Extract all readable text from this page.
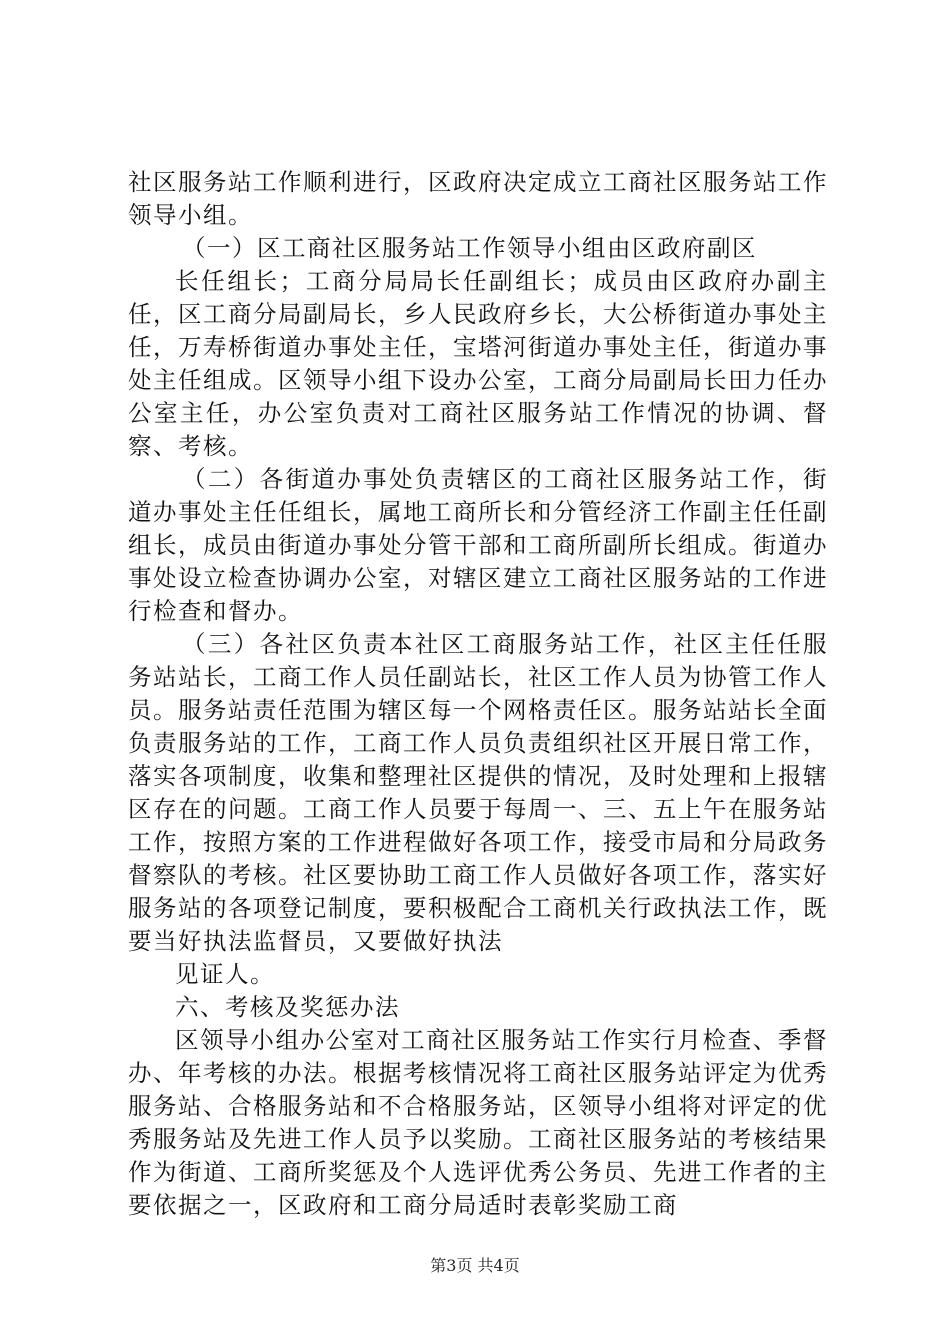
社区服务站工作顺利进行，区政府决定成立工商社区服务站工作领导小组。

（一）区工商社区服务站工作领导小组由区政府副区

长任组长；工商分局局长任副组长；成员由区政府办副主任，区工商分局副局长，乡人民政府乡长，大公桥街道办事处主任，万寿桥街道办事处主任，宝塔河街道办事处主任，街道办事处主任组成。区领导小组下设办公室，工商分局副局长田力任办公室主任，办公室负责对工商社区服务站工作情况的协调、督察、考核。

（二）各街道办事处负责辖区的工商社区服务站工作，街道办事处主任任组长，属地工商所长和分管经济工作副主任任副组长，成员由街道办事处分管干部和工商所副所长组成。街道办事处设立检查协调办公室，对辖区建立工商社区服务站的工作进行检查和督办。

（三）各社区负责本社区工商服务站工作，社区主任任服务站站长，工商工作人员任副站长，社区工作人员为协管工作人员。服务站责任范围为辖区每一个网格责任区。服务站站长全面负责服务站的工作，工商工作人员负责组织社区开展日常工作，落实各项制度，收集和整理社区提供的情况，及时处理和上报辖区存在的问题。工商工作人员要于每周一、三、五上午在服务站工作，按照方案的工作进程做好各项工作，接受市局和分局政务督察队的考核。社区要协助工商工作人员做好各项工作，落实好服务站的各项登记制度，要积极配合工商机关行政执法工作，既要当好执法监督员，又要做好执法

见证人。

六、考核及奖惩办法

区领导小组办公室对工商社区服务站工作实行月检查、季督办、年考核的办法。根据考核情况将工商社区服务站评定为优秀服务站、合格服务站和不合格服务站，区领导小组将对评定的优秀服务站及先进工作人员予以奖励。工商社区服务站的考核结果作为街道、工商所奖惩及个人选评优秀公务员、先进工作者的主要依据之一，区政府和工商分局适时表彰奖励工商

第3页 共4页
